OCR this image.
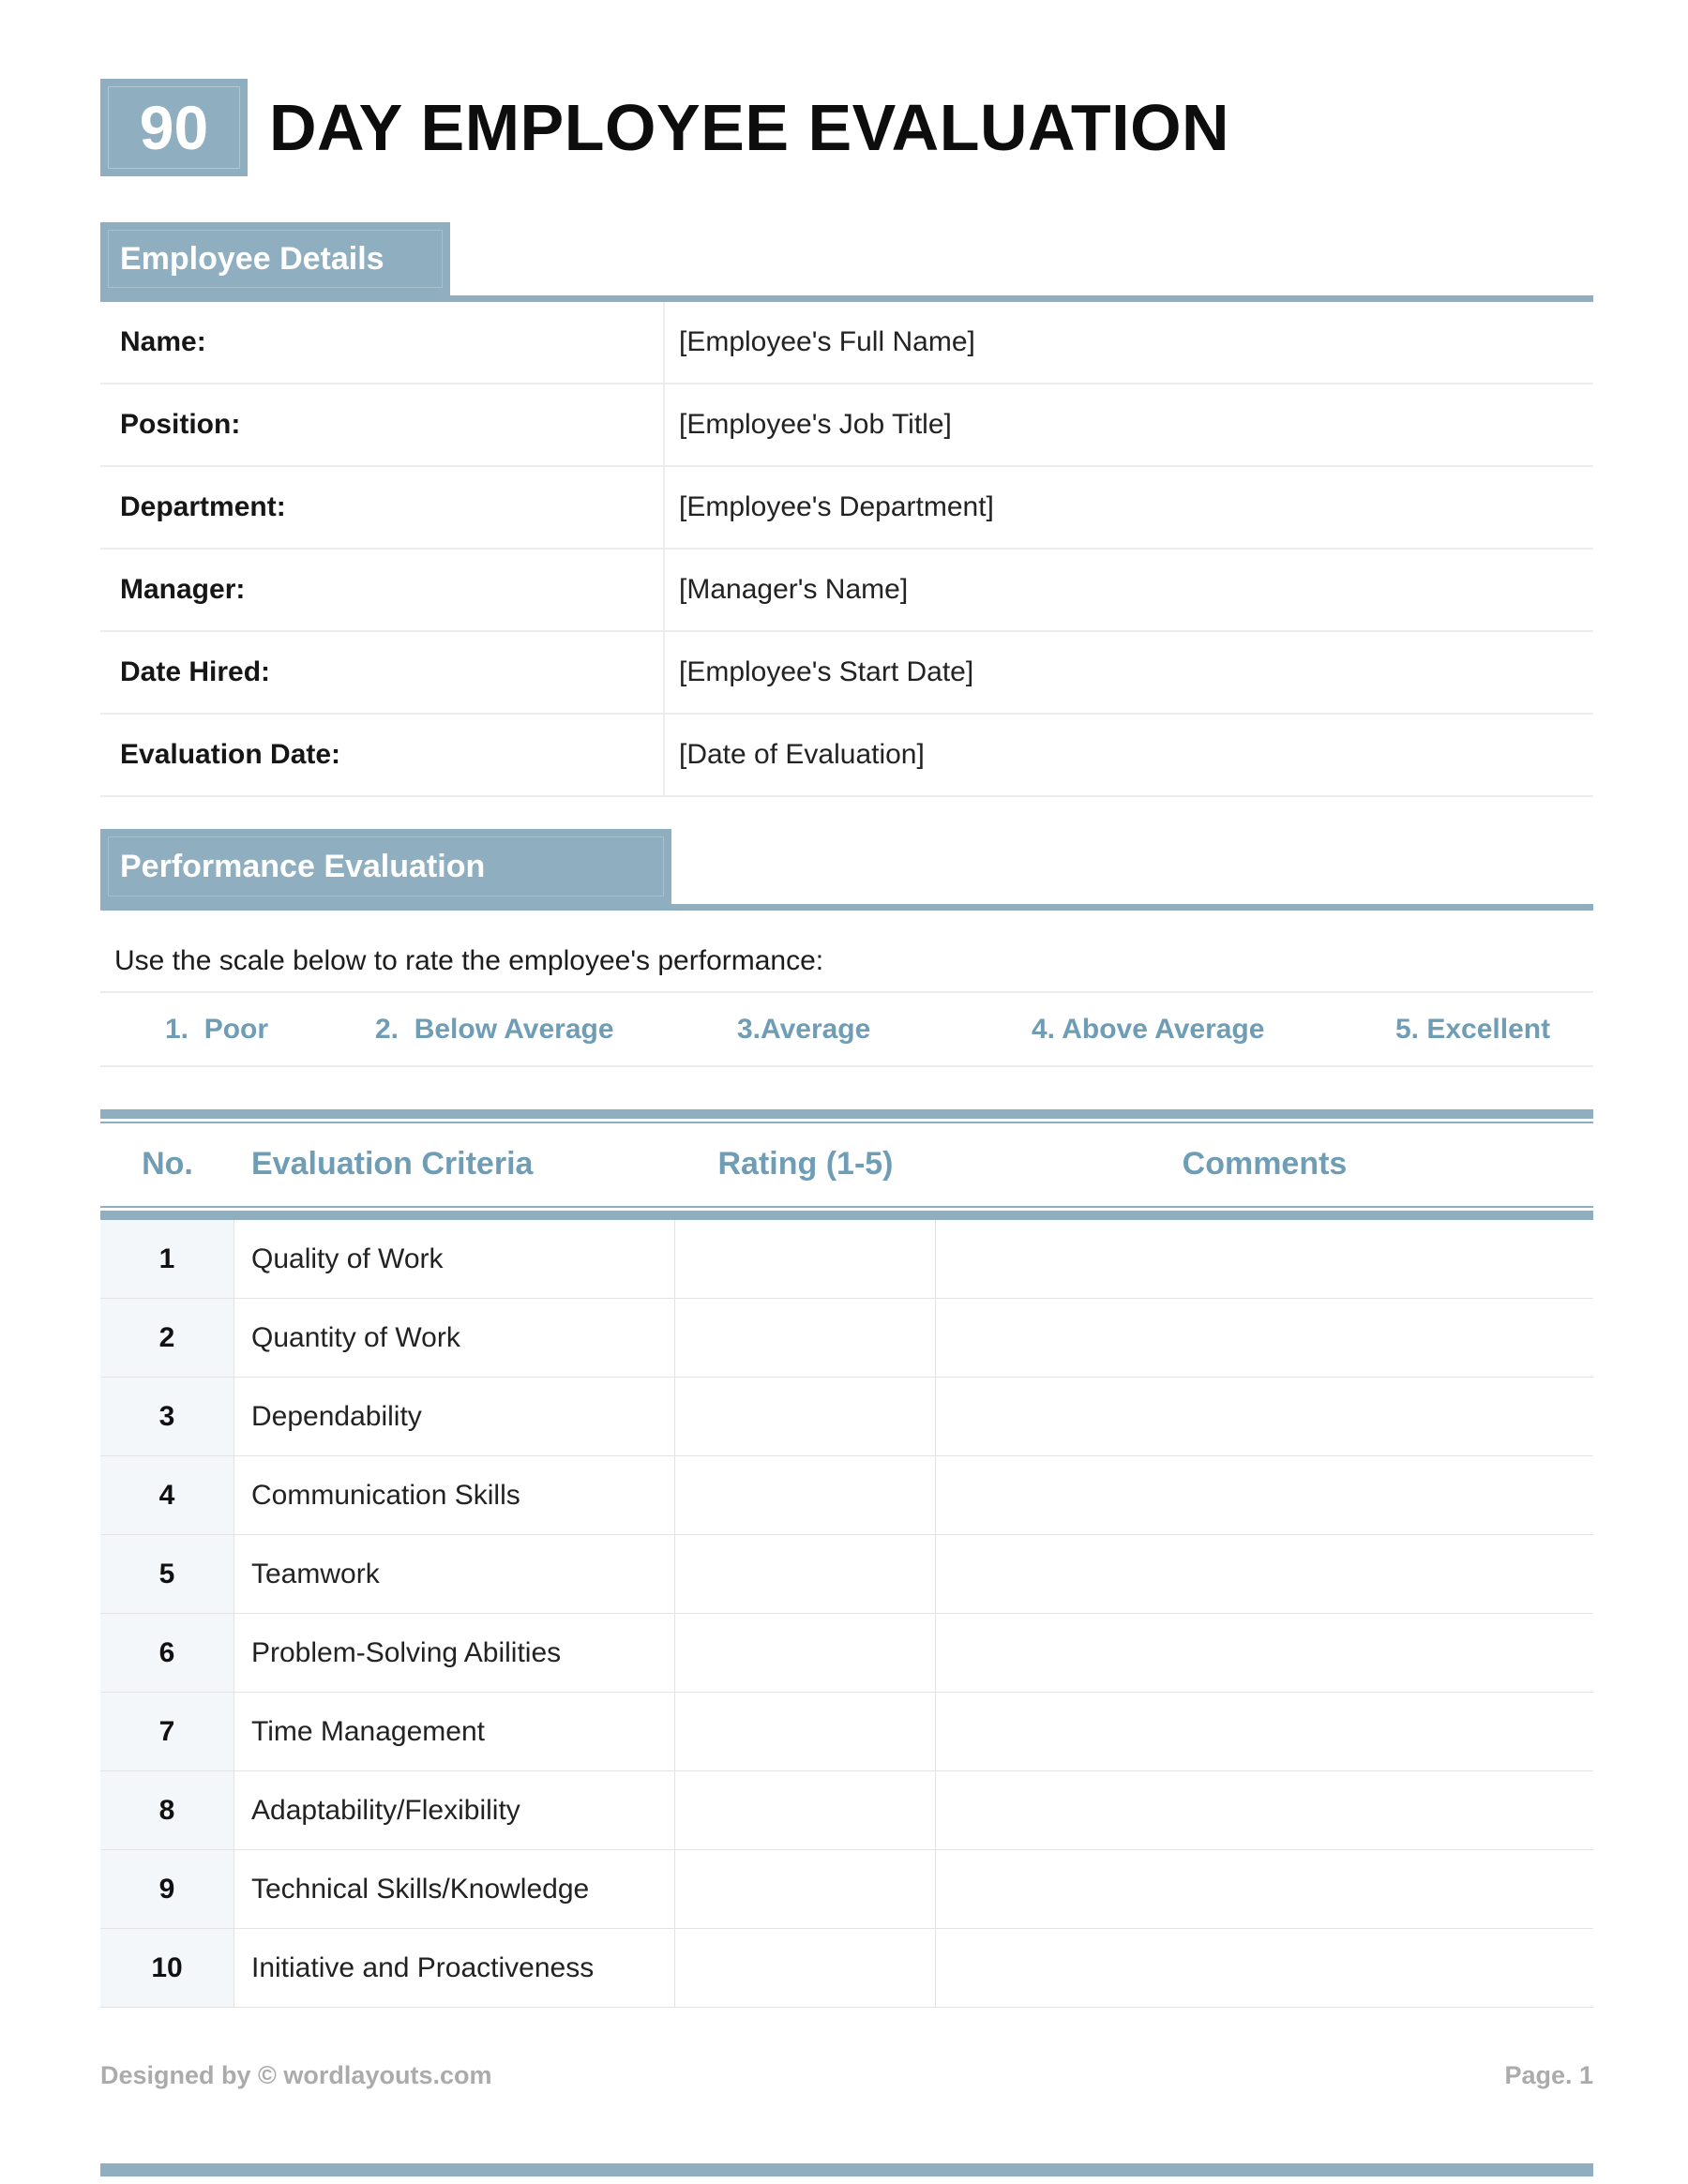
90 DAY EMPLOYEE EVALUATION
Employee Details
Name:	[Employee's Full Name]
Position:	[Employee's Job Title]
Department:	[Employee's Department]
Manager:	[Manager's Name]
Date Hired:	[Employee's Start Date]
Evaluation Date:	[Date of Evaluation]
Performance Evaluation
Use the scale below to rate the employee's performance:
1.  Poor	2.  Below Average	3.Average	4. Above Average	5. Excellent
No.	Evaluation Criteria	Rating (1-5)	Comments
1	Quality of Work
2	Quantity of Work
3	Dependability
4	Communication Skills
5	Teamwork
6	Problem-Solving Abilities
7	Time Management
8	Adaptability/Flexibility
9	Technical Skills/Knowledge
10	Initiative and Proactiveness
Designed by © wordlayouts.com	Page. 1
